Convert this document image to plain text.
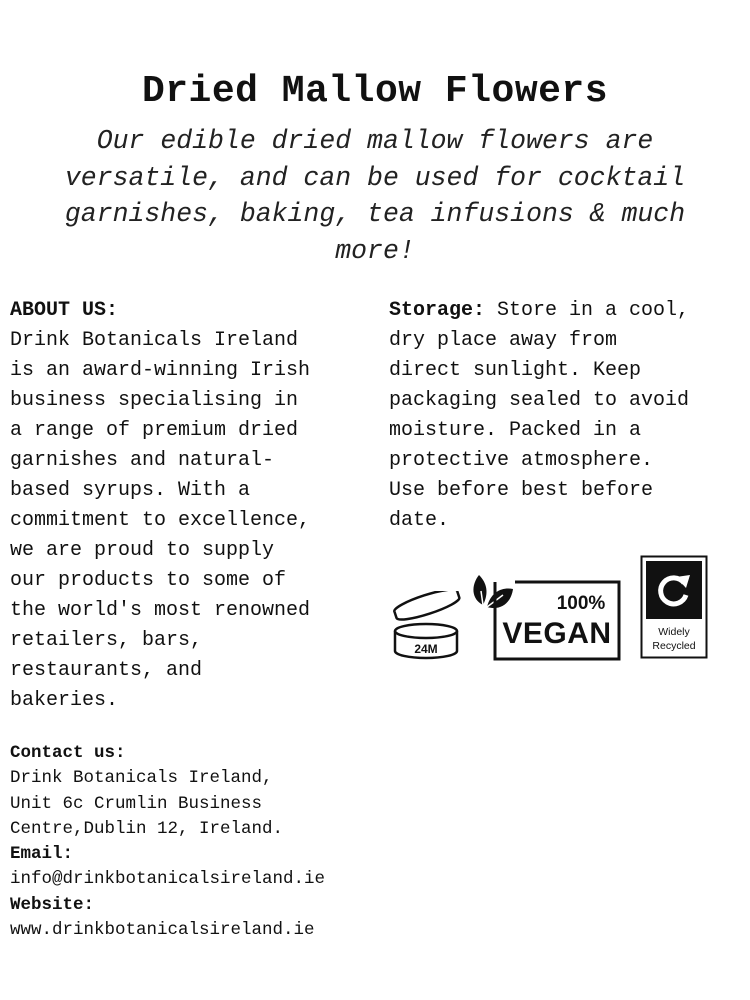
Dried Mallow Flowers
Our edible dried mallow flowers are versatile, and can be used for cocktail garnishes, baking, tea infusions & much more!
ABOUT US:
Drink Botanicals Ireland
is an award-winning Irish
business specialising in
a range of premium dried
garnishes and natural-
based syrups. With a
commitment to excellence,
we are proud to supply
our products to some of
the world's most renowned
retailers, bars,
restaurants, and
bakeries.
Storage: Store in a cool,
dry place away from
direct sunlight. Keep
packaging sealed to avoid
moisture. Packed in a
protective atmosphere.
Use before best before
date.
Contact us:
Drink Botanicals Ireland,
Unit 6c Crumlin Business
Centre,Dublin 12, Ireland.
Email:
info@drinkbotanicalsireland.ie
Website:
www.drinkbotanicalsireland.ie
24M
100%
VEGAN	Widely
Recycled
